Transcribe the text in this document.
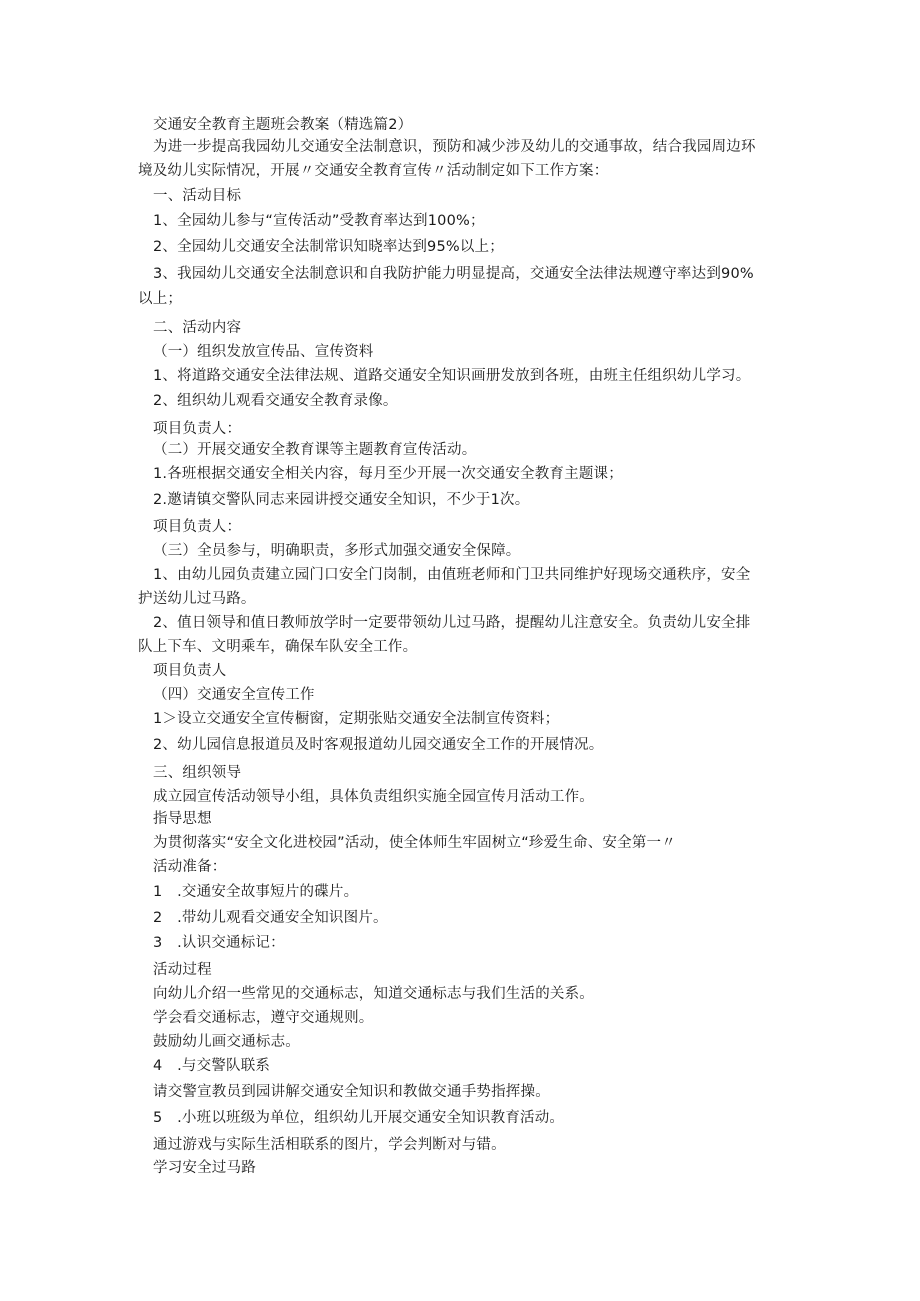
交通安全教育主题班会教案（精选篇2）
为进一步提高我园幼儿交通安全法制意识，预防和减少涉及幼儿的交通事故，结合我园周边环
境及幼儿实际情况，开展〃交通安全教育宣传〃活动制定如下工作方案：
一、活动目标
1、全园幼儿参与“宣传活动”受教育率达到100%；
2、全园幼儿交通安全法制常识知晓率达到95%以上；
3、我园幼儿交通安全法制意识和自我防护能力明显提高，交通安全法律法规遵守率达到90%
以上；
二、活动内容
（一）组织发放宣传品、宣传资料
1、将道路交通安全法律法规、道路交通安全知识画册发放到各班，由班主任组织幼儿学习。
2、组织幼儿观看交通安全教育录像。
项目负责人：
（二）开展交通安全教育课等主题教育宣传活动。
1.各班根据交通安全相关内容，每月至少开展一次交通安全教育主题课；
2.邀请镇交警队同志来园讲授交通安全知识，不少于1次。
项目负责人：
（三）全员参与，明确职责，多形式加强交通安全保障。
1、由幼儿园负责建立园门口安全门岗制，由值班老师和门卫共同维护好现场交通秩序，安全
护送幼儿过马路。
2、值日领导和值日教师放学时一定要带领幼儿过马路，提醒幼儿注意安全。负责幼儿安全排
队上下车、文明乘车，确保车队安全工作。
项目负责人
（四）交通安全宣传工作
1＞设立交通安全宣传橱窗，定期张贴交通安全法制宣传资料；
2、幼儿园信息报道员及时客观报道幼儿园交通安全工作的开展情况。
三、组织领导
成立园宣传活动领导小组，具体负责组织实施全园宣传月活动工作。
指导思想
为贯彻落实“安全文化进校园”活动，使全体师生牢固树立“珍爱生命、安全第一〃
活动准备：
1　.交通安全故事短片的碟片。
2　.带幼儿观看交通安全知识图片。
3　.认识交通标记：
活动过程
向幼儿介绍一些常见的交通标志，知道交通标志与我们生活的关系。
学会看交通标志，遵守交通规则。
鼓励幼儿画交通标志。
4　.与交警队联系
请交警宣教员到园讲解交通安全知识和教做交通手势指挥操。
5　.小班以班级为单位，组织幼儿开展交通安全知识教育活动。
通过游戏与实际生活相联系的图片，学会判断对与错。
学习安全过马路
